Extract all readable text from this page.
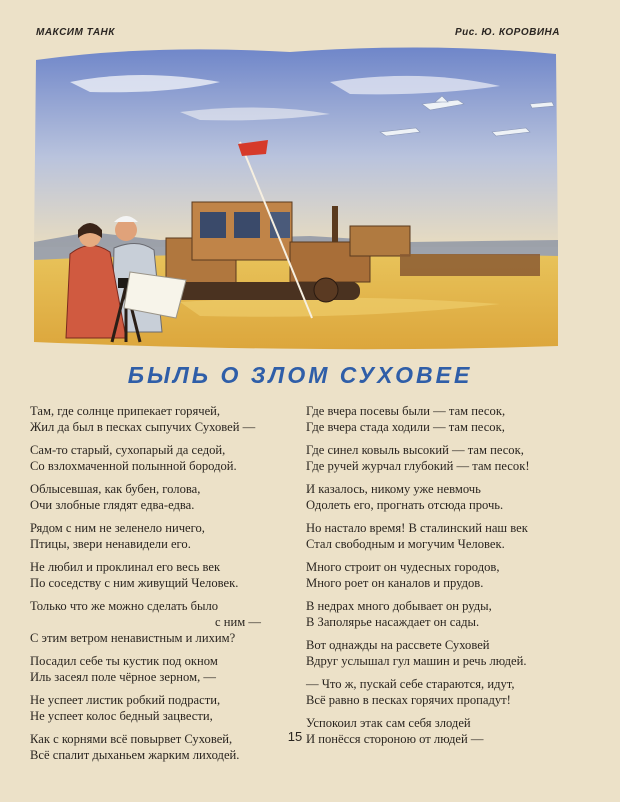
МАКСИМ ТАНК	Рис. Ю. КОРОВИНА
БЫЛЬ О ЗЛОМ СУХОВЕЕ
Там, где солнце припекает горячей,
Жил да был в песках сыпучих Суховей —
Сам-то старый, сухопарый да седой,
Со взлохмаченной полынной бородой.
Облысевшая, как бубен, голова,
Очи злобные глядят едва-едва.
Рядом с ним не зеленело ничего,
Птицы, звери ненавидели его.
Не любил и проклинал его весь век
По соседству с ним живущий Человек.
Только что же можно сделать было
с ним —
С этим ветром ненавистным и лихим?
Посадил себе ты кустик под окном
Иль засеял поле чёрное зерном, —
Не успеет листик робкий подрасти,
Не успеет колос бедный зацвести,
Как с корнями всё повырвет Суховей,
Всё спалит дыханьем жарким лиходей.
Где вчера посевы были — там песок,
Где вчера стада ходили — там песок,
Где синел ковыль высокий — там песок,
Где ручей журчал глубокий — там песок!
И казалось, никому уже невмочь
Одолеть его, прогнать отсюда прочь.
Но настало время! В сталинский наш век
Стал свободным и могучим Человек.
Много строит он чудесных городов,
Много роет он каналов и прудов.
В недрах много добывает он руды,
В Заполярье насаждает он сады.
Вот однажды на рассвете Суховей
Вдруг услышал гул машин и речь людей.
— Что ж, пускай себе стараются, идут,
Всё равно в песках горячих пропадут!
Успокоил этак сам себя злодей
И понёсся стороною от людей —
15
